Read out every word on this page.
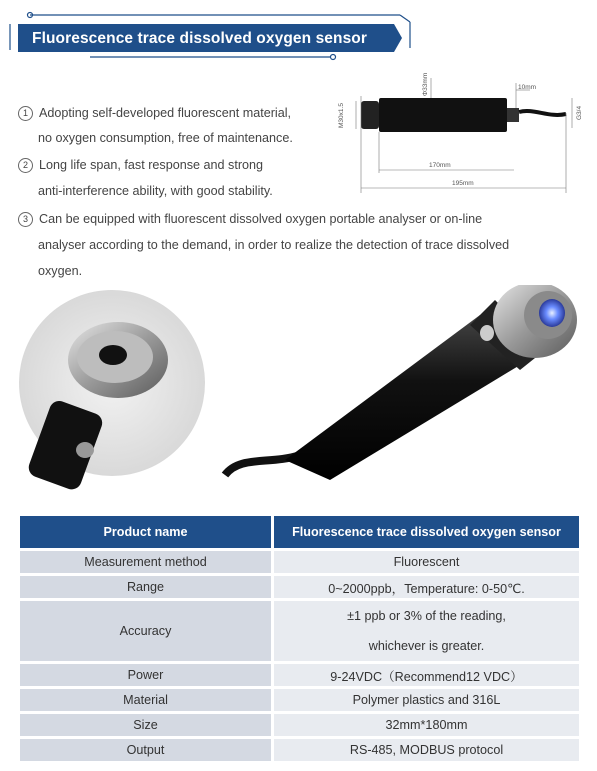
Fluorescence trace dissolved oxygen sensor
1 Adopting self-developed fluorescent material,
no oxygen consumption, free of maintenance.
2 Long life span, fast response and strong
anti-interference ability, with good stability.
3 Can be equipped with fluorescent dissolved oxygen portable analyser or on-line
analyser according to the demand, in order to realize the detection of trace dissolved
oxygen.
Φ33mm
M30x1.5
10mm
G3/4
170mm
195mm
Product name	Fluorescence trace dissolved oxygen sensor
Measurement method	Fluorescent
Range	0~2000ppb，Temperature: 0-50℃.
Accuracy	±1 ppb or 3% of the reading,
whichever is greater.

Power	9-24VDC（Recommend12 VDC）
Material	Polymer plastics and 316L
Size	32mm*180mm
Output	RS-485, MODBUS protocol
